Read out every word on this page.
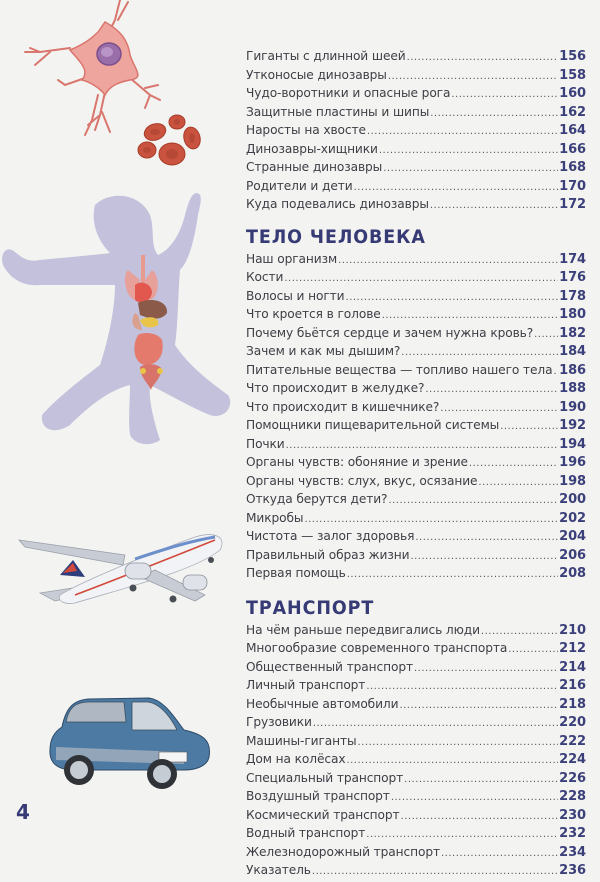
Гиганты с длинной шеей .....	156
Утконосые динозавры .....	158
Чудо-воротники и опасные рога .....	160
Защитные пластины и шипы .....	162
Наросты на хвосте .....	164
Динозавры-хищники .....	166
Странные динозавры .....	168
Родители и дети .....	170
Куда подевались динозавры .....	172
ТЕЛО ЧЕЛОВЕКА
Наш организм .....	174
Кости .....	176
Волосы и ногти .....	178
Что кроется в голове .....	180
Почему бьётся сердце и зачем нужна кровь? ..... 182
Зачем и как мы дышим? .....	184
Питательные вещества — топливо нашего тела ..... 186
Что происходит в желудке? .....	188
Что происходит в кишечнике? .....	190
Помощники пищеварительной системы .....	192
Почки .....	194
Органы чувств: обоняние и зрение .....	196
Органы чувств: слух, вкус, осязание .....	198
Откуда берутся дети? .....	200
Микробы .....	202
Чистота — залог здоровья .....	204
Правильный образ жизни .....	206
Первая помощь .....	208
ТРАНСПОРТ
На чём раньше передвигались люди .....	210
Многообразие современного транспорта .....	212
Общественный транспорт .....	214
Личный транспорт .....	216
Необычные автомобили .....	218
Грузовики .....	220
Машины-гиганты .....	222
Дом на колёсах .....	224
Специальный транспорт .....	226
Воздушный транспорт .....	228
Космический транспорт .....	230
Водный транспорт .....	232
Железнодорожный транспорт .....	234
Указатель .....	236
4
